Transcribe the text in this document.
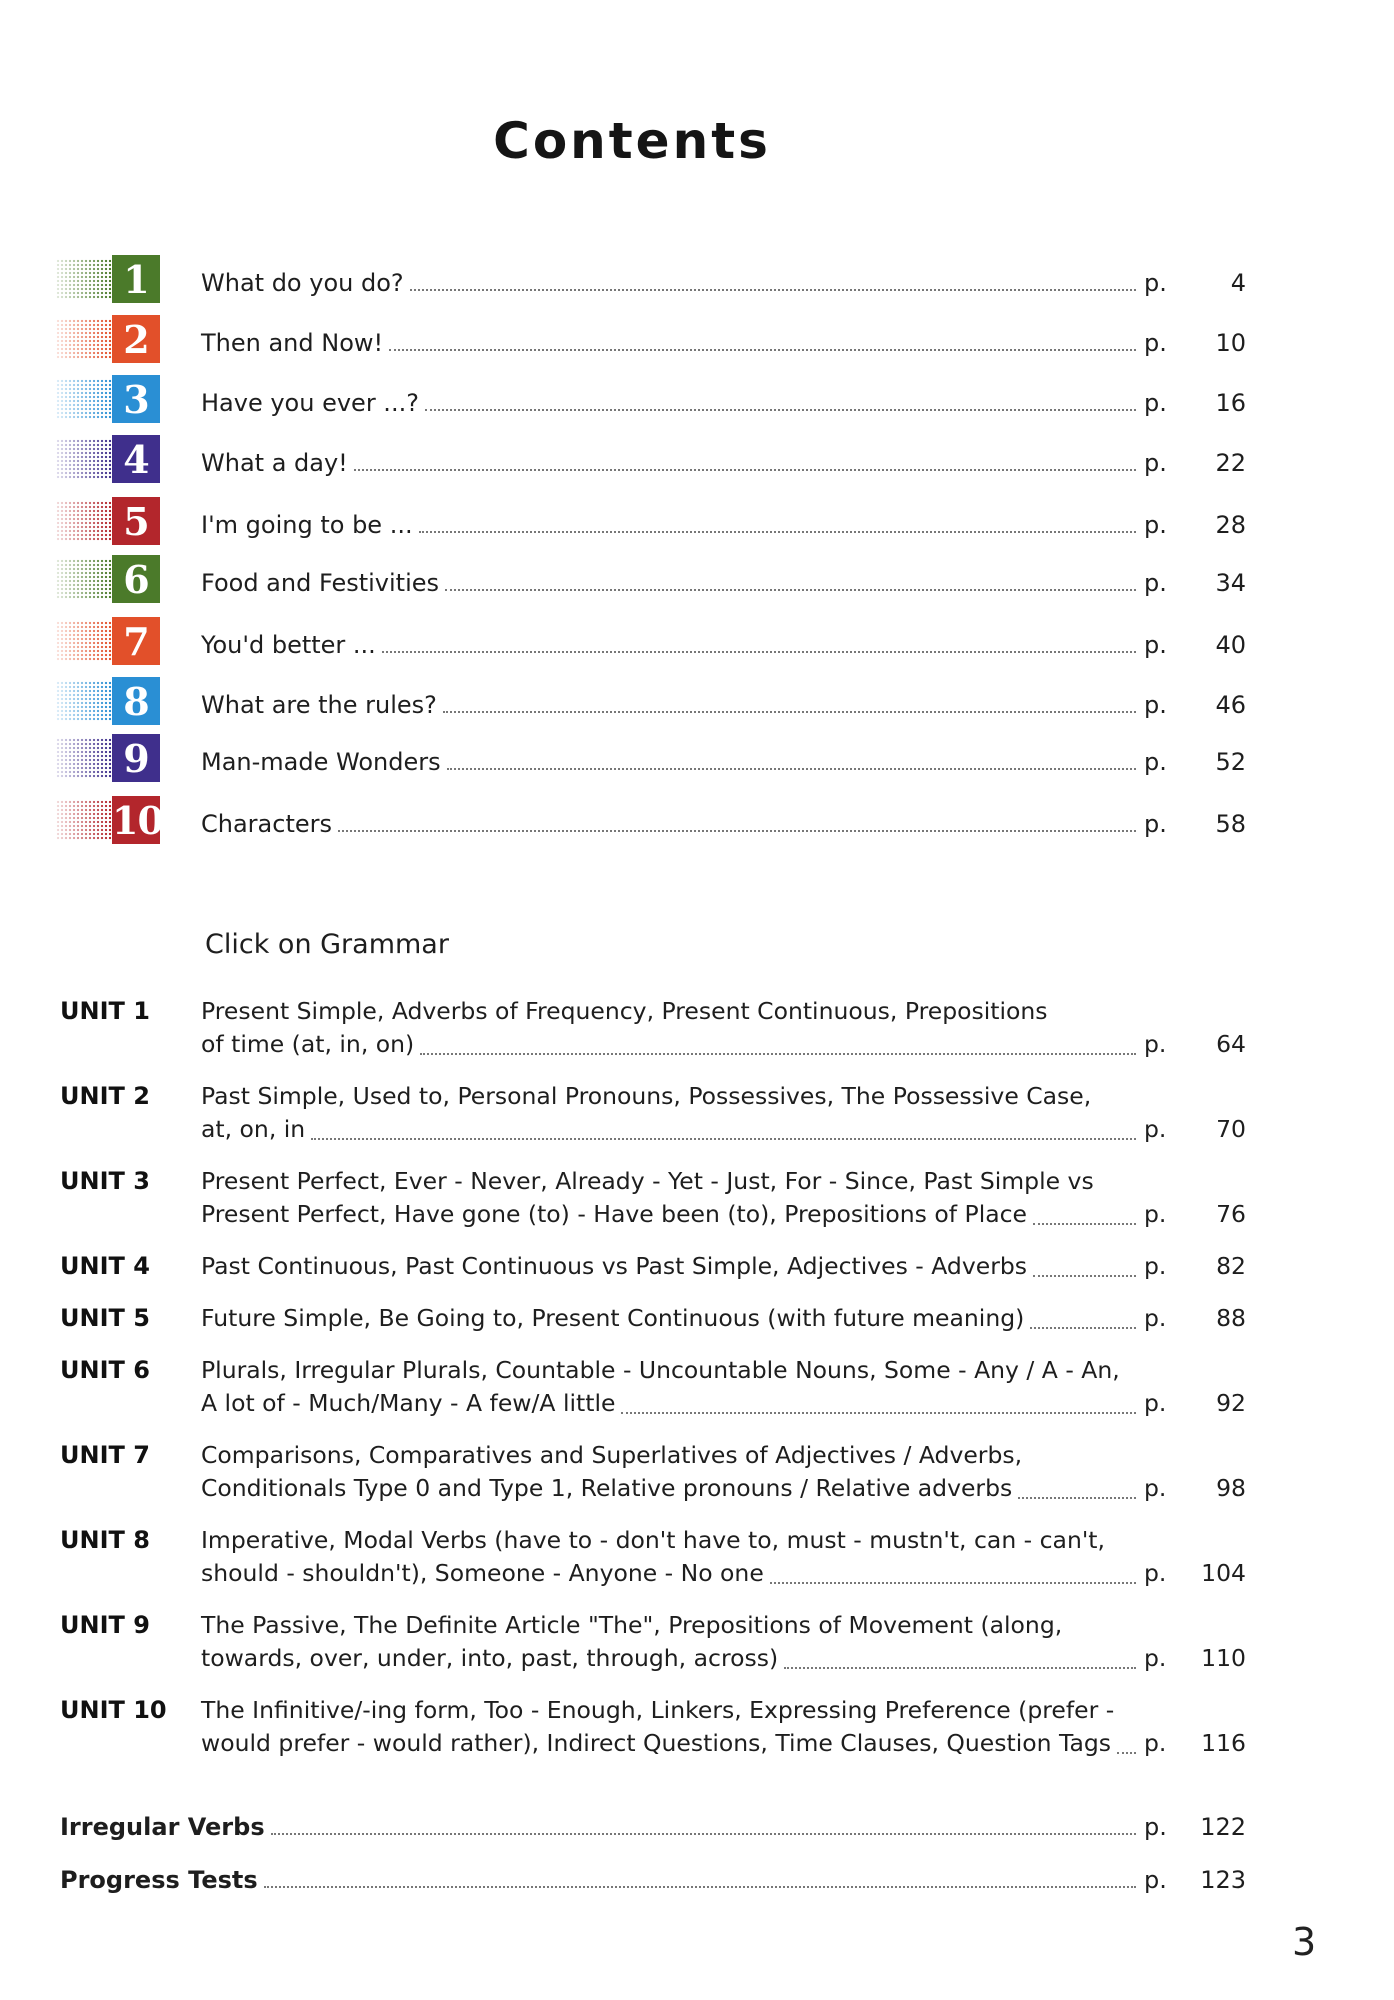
Contents
1	What do you do?	p.	4
2	Then and Now!	p.	10
3	Have you ever ...?	p.	16
4	What a day!	p.	22
5	I'm going to be ...	p.	28
6	Food and Festivities	p.	34
7	You'd better ...	p.	40
8	What are the rules?	p.	46
9	Man-made Wonders	p.	52
10 Characters	p.	58
Click on Grammar
UNIT 1 Present Simple, Adverbs of Frequency, Present Continuous, Prepositions
of time (at, in, on)	p.	64
UNIT 2 Past Simple, Used to, Personal Pronouns, Possessives, The Possessive Case,
at, on, in	p.	70
UNIT 3 Present Perfect, Ever - Never, Already - Yet - Just, For - Since, Past Simple vs
Present Perfect, Have gone (to) - Have been (to), Prepositions of Place	p.	76
UNIT 4 Past Continuous, Past Continuous vs Past Simple, Adjectives - Adverbs	p.	82
UNIT 5 Future Simple, Be Going to, Present Continuous (with future meaning)	p.	88
UNIT 6 Plurals, Irregular Plurals, Countable - Uncountable Nouns, Some - Any / A - An,
A lot of - Much/Many - A few/A little	p.	92
UNIT 7 Comparisons, Comparatives and Superlatives of Adjectives / Adverbs,
Conditionals Type 0 and Type 1, Relative pronouns / Relative adverbs	p.	98
UNIT 8 Imperative, Modal Verbs (have to - don't have to, must - mustn't, can - can't,
should - shouldn't), Someone - Anyone - No one	p.	104
UNIT 9 The Passive, The Definite Article "The", Prepositions of Movement (along,
towards, over, under, into, past, through, across)	p.	110
UNIT 10 The Infinitive/-ing form, Too - Enough, Linkers, Expressing Preference (prefer -
would prefer - would rather), Indirect Questions, Time Clauses, Question Tags p.	116
Irregular Verbs	p.	122
Progress Tests	p.	123
3
